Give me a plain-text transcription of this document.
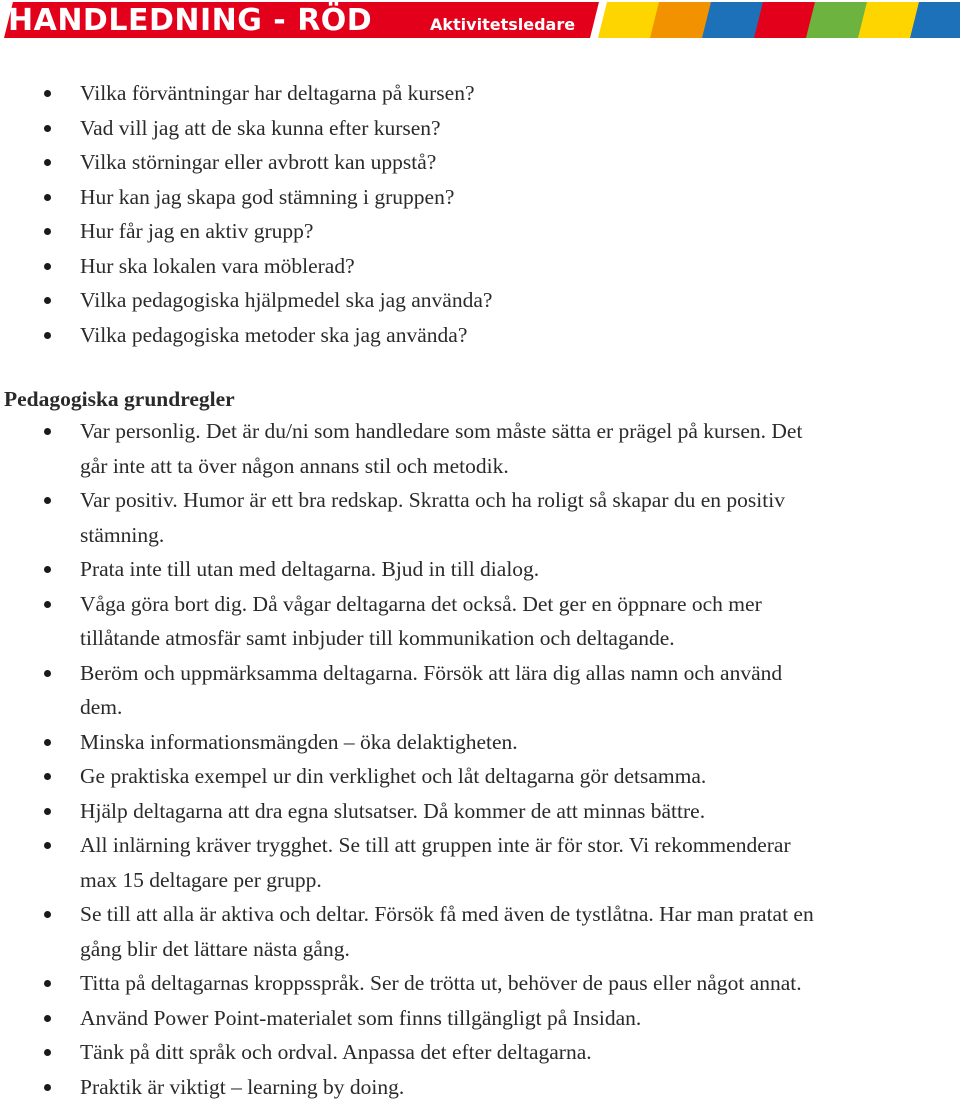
HANDLEDNING - RÖD	Aktivitetsledare
Vilka förväntningar har deltagarna på kursen?
Vad vill jag att de ska kunna efter kursen?
Vilka störningar eller avbrott kan uppstå?
Hur kan jag skapa god stämning i gruppen?
Hur får jag en aktiv grupp?
Hur ska lokalen vara möblerad?
Vilka pedagogiska hjälpmedel ska jag använda?
Vilka pedagogiska metoder ska jag använda?
Pedagogiska grundregler
Var personlig. Det är du/ni som handledare som måste sätta er prägel på kursen. Det
går inte att ta över någon annans stil och metodik.
Var positiv. Humor är ett bra redskap. Skratta och ha roligt så skapar du en positiv
stämning.
Prata inte till utan med deltagarna. Bjud in till dialog.
Våga göra bort dig. Då vågar deltagarna det också. Det ger en öppnare och mer
tillåtande atmosfär samt inbjuder till kommunikation och deltagande.
Beröm och uppmärksamma deltagarna. Försök att lära dig allas namn och använd
dem.
Minska informationsmängden – öka delaktigheten.
Ge praktiska exempel ur din verklighet och låt deltagarna gör detsamma.
Hjälp deltagarna att dra egna slutsatser. Då kommer de att minnas bättre.
All inlärning kräver trygghet. Se till att gruppen inte är för stor. Vi rekommenderar
max 15 deltagare per grupp.
Se till att alla är aktiva och deltar. Försök få med även de tystlåtna. Har man pratat en
gång blir det lättare nästa gång.
Titta på deltagarnas kroppsspråk. Ser de trötta ut, behöver de paus eller något annat.
Använd Power Point-materialet som finns tillgängligt på Insidan.
Tänk på ditt språk och ordval. Anpassa det efter deltagarna.
Praktik är viktigt – learning by doing.
